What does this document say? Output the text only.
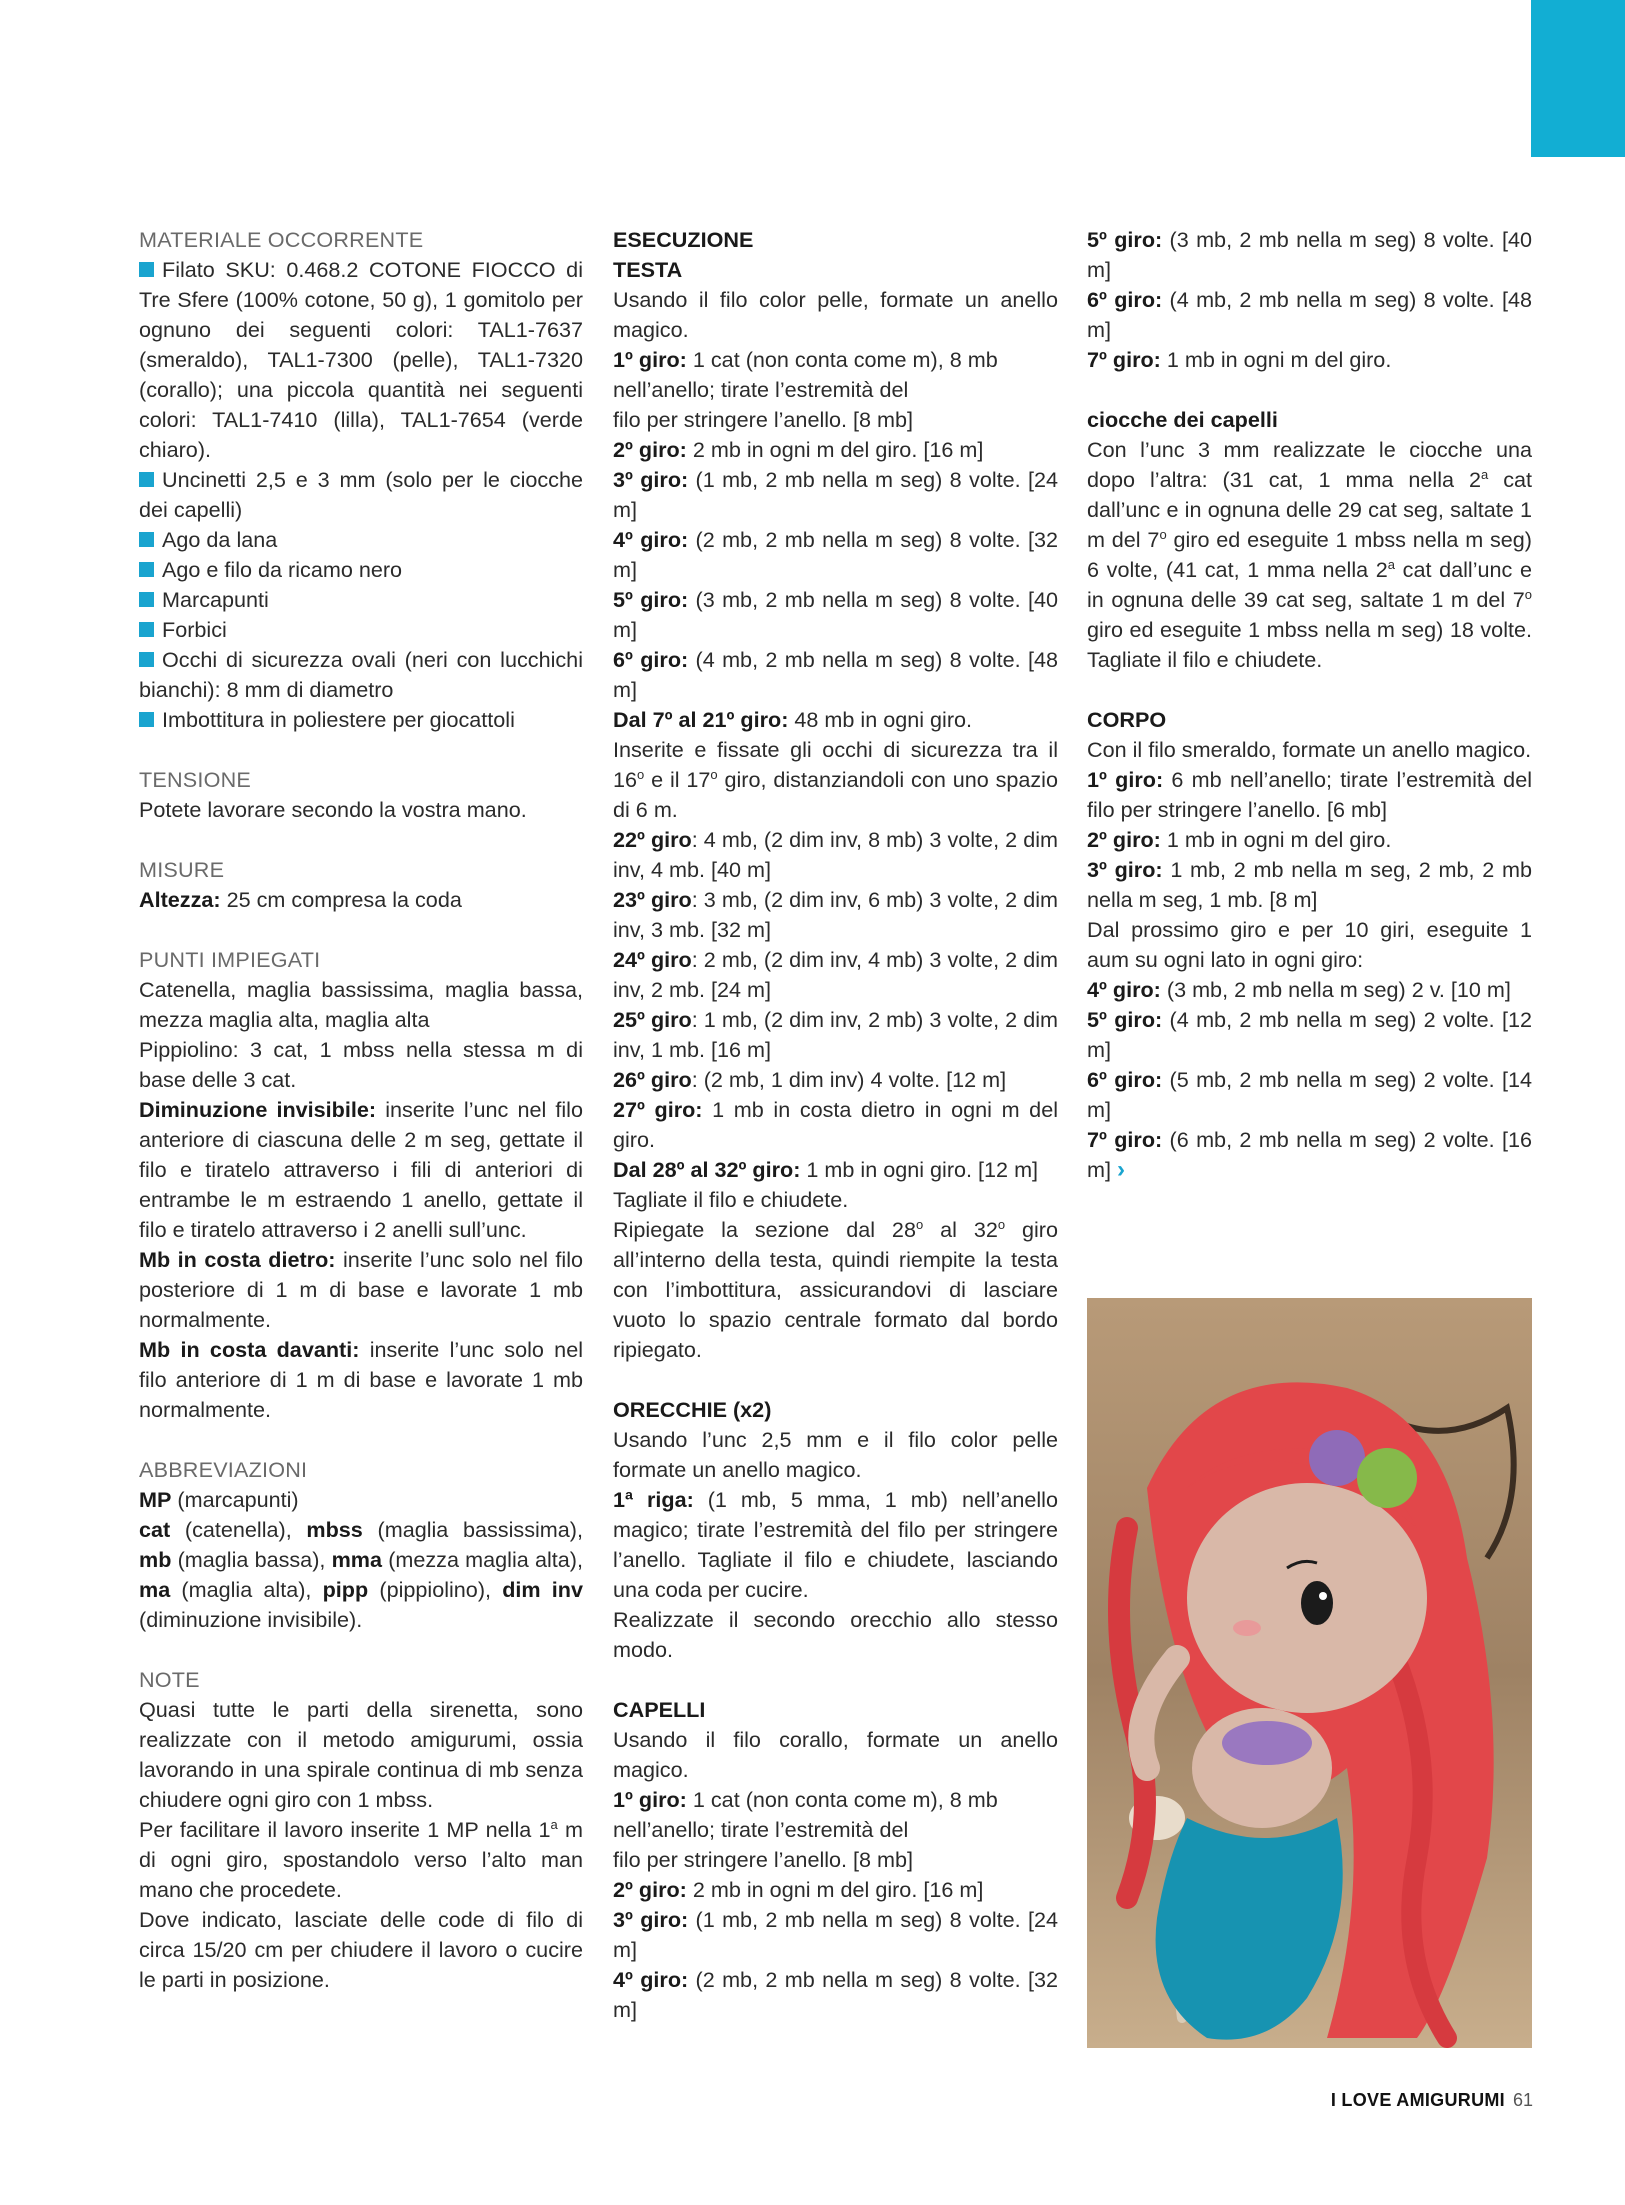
MATERIALE OCCORRENTE

Filato SKU: 0.468.2 COTONE FIOCCO di Tre Sfere (100% cotone, 50 g), 1 gomitolo per ognuno dei seguenti colori: TAL1-7637 (smeraldo), TAL1-7300 (pelle), TAL1-7320 (corallo); una piccola quantità nei seguenti colori: TAL1-7410 (lilla), TAL1-7654 (verde chiaro).

Uncinetti 2,5 e 3 mm (solo per le ciocche dei capelli)

Ago da lana

Ago e filo da ricamo nero

Marcapunti

Forbici

Occhi di sicurezza ovali (neri con lucchichi bianchi): 8 mm di diametro

Imbottitura in poliestere per giocattoli

TENSIONE

Potete lavorare secondo la vostra mano.

MISURE

Altezza: 25 cm compresa la coda

PUNTI IMPIEGATI

Catenella, maglia bassissima, maglia bassa, mezza maglia alta, maglia alta

Pippiolino: 3 cat, 1 mbss nella stessa m di base delle 3 cat.

Diminuzione invisibile: inserite l’unc nel filo anteriore di ciascuna delle 2 m seg, gettate il filo e tiratelo attraverso i fili di anteriori di entrambe le m estraendo 1 anello, gettate il filo e tiratelo attraverso i 2 anelli sull’unc.

Mb in costa dietro: inserite l’unc solo nel filo posteriore di 1 m di base e lavorate 1 mb normalmente.

Mb in costa davanti: inserite l’unc solo nel filo anteriore di 1 m di base e lavorate 1 mb normalmente.

ABBREVIAZIONI

MP (marcapunti)

cat (catenella), mbss (maglia bassissima), mb (maglia bassa), mma (mezza maglia alta), ma (maglia alta), pipp (pippiolino), dim inv (diminuzione invisibile).

NOTE

Quasi tutte le parti della sirenetta, sono realizzate con il metodo amigurumi, ossia lavorando in una spirale continua di mb senza chiudere ogni giro con 1 mbss.

Per facilitare il lavoro inserite 1 MP nella 1$^a$ m di ogni giro, spostandolo verso l’alto man mano che procedete.

Dove indicato, lasciate delle code di filo di circa 15/20 cm per chiudere il lavoro o cucire le parti in posizione.

ESECUZIONE
TESTA

Usando il filo color pelle, formate un anello magico.

1º giro: 1 cat (non conta come m), 8 mb nell’anello; tirate l’estremità del
filo per stringere l’anello. [8 mb]

2º giro: 2 mb in ogni m del giro. [16 m]

3º giro: (1 mb, 2 mb nella m seg) 8 volte. [24 m]

4º giro: (2 mb, 2 mb nella m seg) 8 volte. [32 m]

5º giro: (3 mb, 2 mb nella m seg) 8 volte. [40 m]

6º giro: (4 mb, 2 mb nella m seg) 8 volte. [48 m]

Dal 7º al 21º giro: 48 mb in ogni giro.

Inserite e fissate gli occhi di sicurezza tra il 16$^o$ e il 17$^o$ giro, distanziandoli con uno spazio di 6 m.

22º giro: 4 mb, (2 dim inv, 8 mb) 3 volte, 2 dim inv, 4 mb. [40 m]

23º giro: 3 mb, (2 dim inv, 6 mb) 3 volte, 2 dim inv, 3 mb. [32 m]

24º giro: 2 mb, (2 dim inv, 4 mb) 3 volte, 2 dim inv, 2 mb. [24 m]

25º giro: 1 mb, (2 dim inv, 2 mb) 3 volte, 2 dim inv, 1 mb. [16 m]

26º giro: (2 mb, 1 dim inv) 4 volte. [12 m]

27º giro: 1 mb in costa dietro in ogni m del giro.

Dal 28º al 32º giro: 1 mb in ogni giro. [12 m]

Tagliate il filo e chiudete.

Ripiegate la sezione dal 28$^o$ al 32$^o$ giro all’interno della testa, quindi riempite la testa con l’imbottitura, assicurandovi di lasciare vuoto lo spazio centrale formato dal bordo ripiegato.

ORECCHIE (x2)

Usando l’unc 2,5 mm e il filo color pelle formate un anello magico.

1ª riga: (1 mb, 5 mma, 1 mb) nell’anello magico; tirate l’estremità del filo per stringere l’anello. Tagliate il filo e chiudete, lasciando una coda per cucire.

Realizzate il secondo orecchio allo stesso modo.

CAPELLI

Usando il filo corallo, formate un anello magico.

1º giro: 1 cat (non conta come m), 8 mb nell’anello; tirate l’estremità del
filo per stringere l’anello. [8 mb]

2º giro: 2 mb in ogni m del giro. [16 m]

3º giro: (1 mb, 2 mb nella m seg) 8 volte. [24 m]

4º giro: (2 mb, 2 mb nella m seg) 8 volte. [32 m]

5º giro: (3 mb, 2 mb nella m seg) 8 volte. [40 m]

6º giro: (4 mb, 2 mb nella m seg) 8 volte. [48 m]

7º giro: 1 mb in ogni m del giro.

ciocche dei capelli

Con l’unc 3 mm realizzate le ciocche una dopo l’altra: (31 cat, 1 mma nella 2$^a$ cat dall’unc e in ognuna delle 29 cat seg, saltate 1 m del 7$^o$ giro ed eseguite 1 mbss nella m seg) 6 volte, (41 cat, 1 mma nella 2$^a$ cat dall’unc e in ognuna delle 39 cat seg, saltate 1 m del 7$^o$ giro ed eseguite 1 mbss nella m seg) 18 volte. Tagliate il filo e chiudete.

CORPO

Con il filo smeraldo, formate un anello magico.

1º giro: 6 mb nell’anello; tirate l’estremità del filo per stringere l’anello. [6 mb]

2º giro: 1 mb in ogni m del giro.

3º giro: 1 mb, 2 mb nella m seg, 2 mb, 2 mb nella m seg, 1 mb. [8 m]

Dal prossimo giro e per 10 giri, eseguite 1 aum su ogni lato in ogni giro:

4º giro: (3 mb, 2 mb nella m seg) 2 v. [10 m]

5º giro: (4 mb, 2 mb nella m seg) 2 volte. [12 m]

6º giro: (5 mb, 2 mb nella m seg) 2 volte. [14 m]

7º giro: (6 mb, 2 mb nella m seg) 2 volte. [16 m] ›

I LOVE AMIGURUMI 61
